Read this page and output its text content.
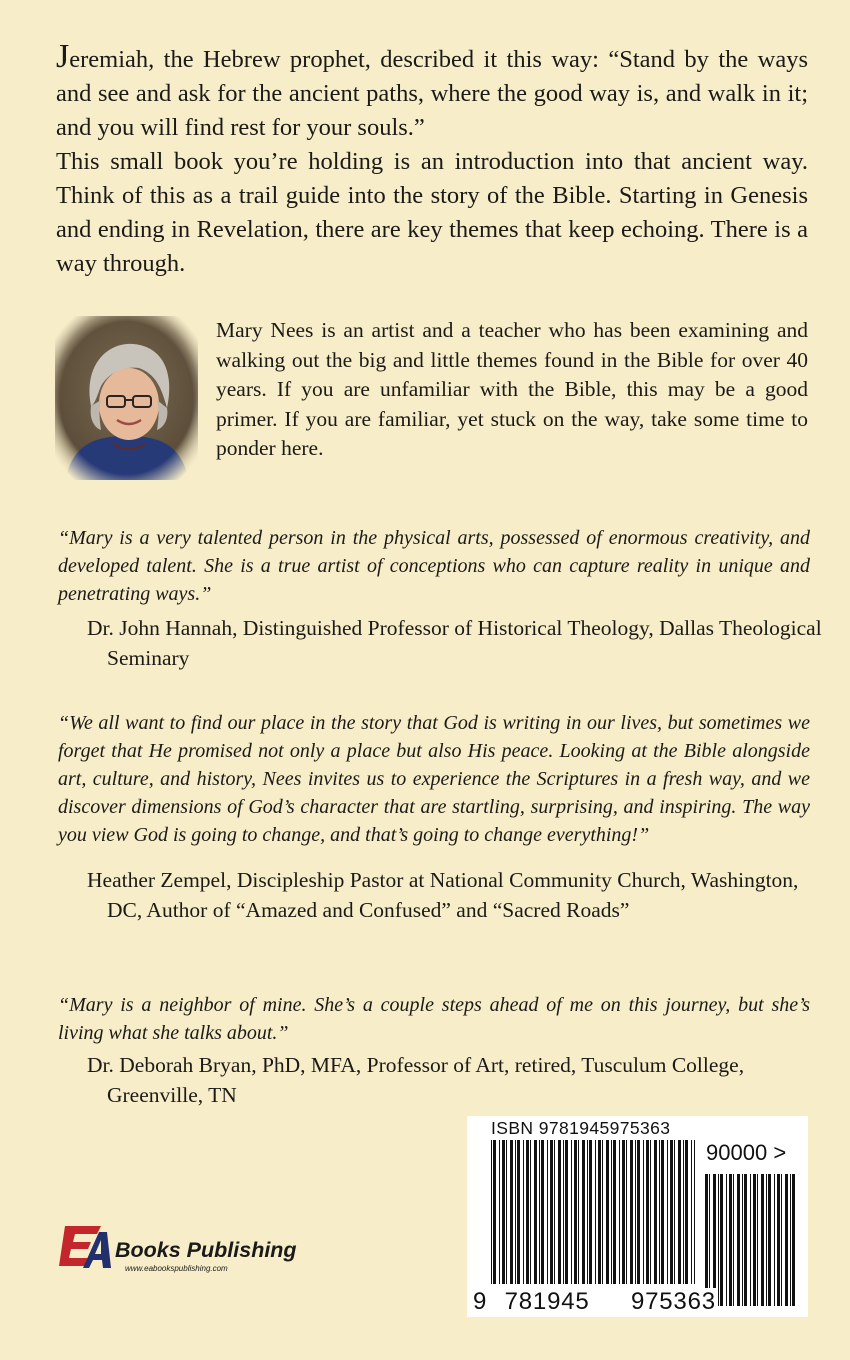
Jeremiah, the Hebrew prophet, described it this way: “Stand by the ways and see and ask for the ancient paths, where the good way is, and walk in it; and you will find rest for your souls.”

This small book you’re holding is an introduction into that ancient way. Think of this as a trail guide into the story of the Bible. Starting in Genesis and ending in Revelation, there are key themes that keep echoing. There is a way through.

Mary Nees is an artist and a teacher who has been examining and walking out the big and little themes found in the Bible for over 40 years. If you are unfamiliar with the Bible, this may be a good primer. If you are familiar, yet stuck on the way, take some time to ponder here.

“Mary is a very talented person in the physical arts, possessed of enormous creativity, and developed talent. She is a true artist of conceptions who can capture reality in unique and penetrating ways.”

Dr. John Hannah, Distinguished Professor of Historical Theology, Dallas Theological Seminary

“We all want to find our place in the story that God is writing in our lives, but sometimes we forget that He promised not only a place but also His peace. Looking at the Bible alongside art, culture, and history, Nees invites us to experience the Scriptures in a fresh way, and we discover dimensions of God’s character that are startling, surprising, and inspiring. The way you view God is going to change, and that’s going to change everything!”

Heather Zempel, Discipleship Pastor at National Community Church, Washington, DC, Author of “Amazed and Confused” and “Sacred Roads”

“Mary is a neighbor of mine. She’s a couple steps ahead of me on this journey, but she’s living what she talks about.”

Dr. Deborah Bryan, PhD, MFA, Professor of Art, retired, Tusculum College, Greenville, TN

ISBN 9781945975363
90000 >
9 781945 975363
Books Publishing
www.eabookspublishing.com
